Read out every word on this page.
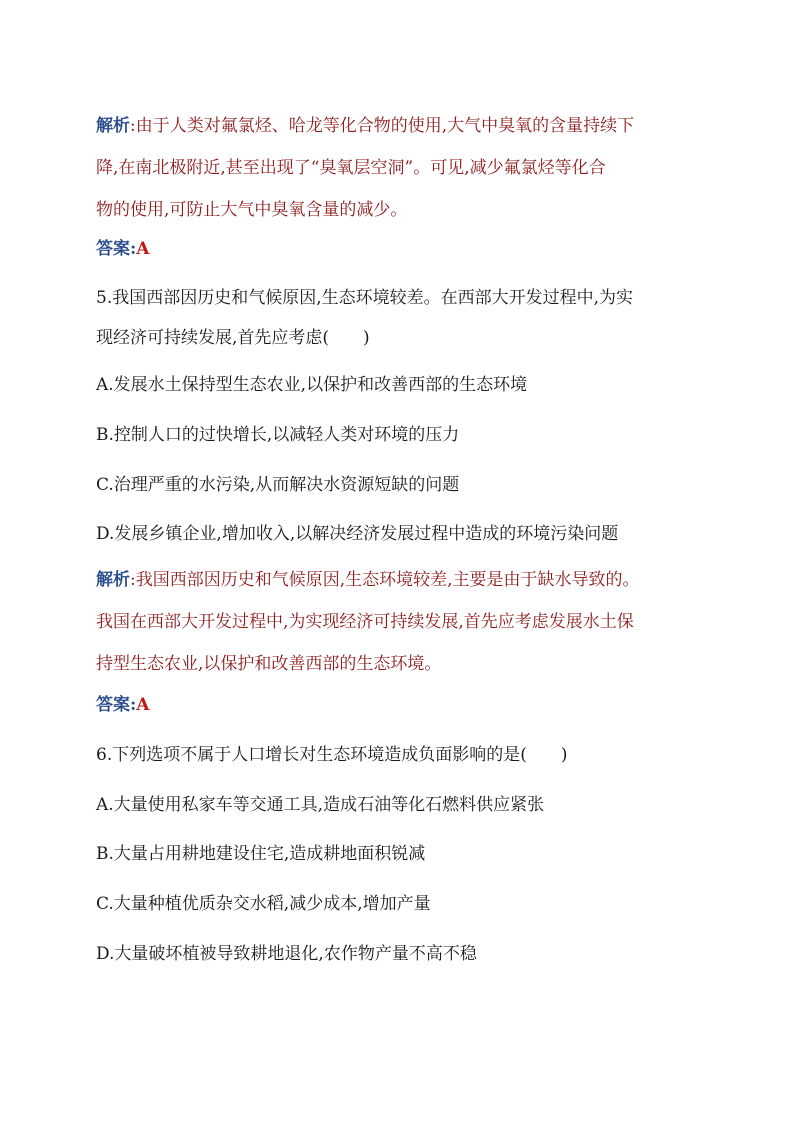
解析:由于人类对氟氯烃、哈龙等化合物的使用,大气中臭氧的含量持续下
降,在南北极附近,甚至出现了“臭氧层空洞”。可见,减少氟氯烃等化合
物的使用,可防止大气中臭氧含量的减少。
答案:A
5.我国西部因历史和气候原因,生态环境较差。在西部大开发过程中,为实
现经济可持续发展,首先应考虑(　　)
A.发展水土保持型生态农业,以保护和改善西部的生态环境
B.控制人口的过快增长,以减轻人类对环境的压力
C.治理严重的水污染,从而解决水资源短缺的问题
D.发展乡镇企业,增加收入,以解决经济发展过程中造成的环境污染问题
解析:我国西部因历史和气候原因,生态环境较差,主要是由于缺水导致的。
我国在西部大开发过程中,为实现经济可持续发展,首先应考虑发展水土保
持型生态农业,以保护和改善西部的生态环境。
答案:A
6.下列选项不属于人口增长对生态环境造成负面影响的是(　　)
A.大量使用私家车等交通工具,造成石油等化石燃料供应紧张
B.大量占用耕地建设住宅,造成耕地面积锐减
C.大量种植优质杂交水稻,减少成本,增加产量
D.大量破坏植被导致耕地退化,农作物产量不高不稳
